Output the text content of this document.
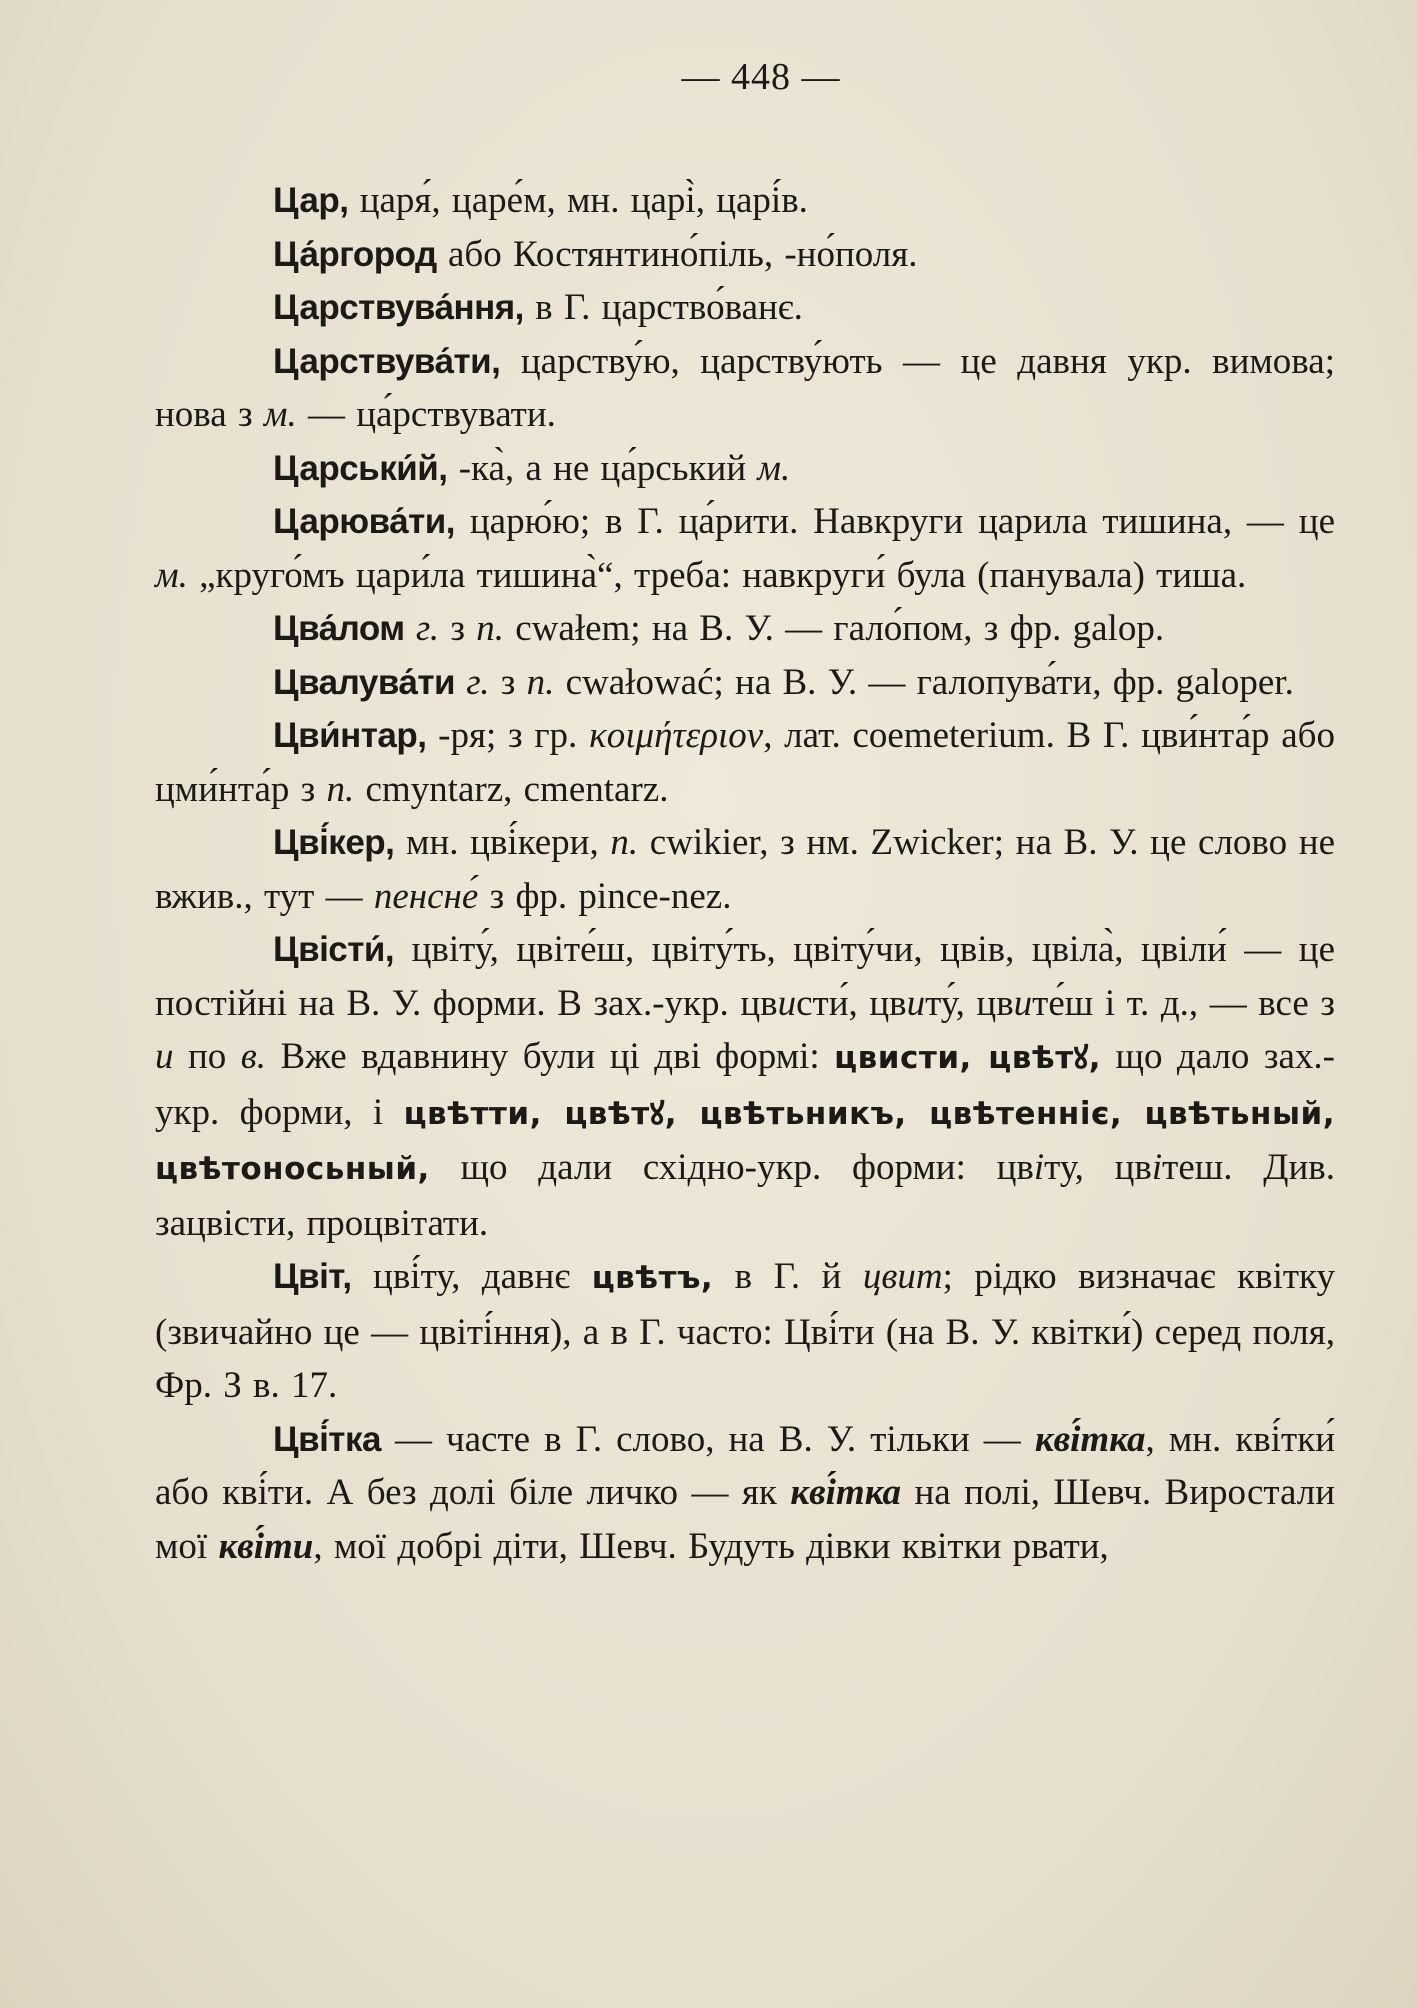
— 448 —

Цар, царя́, царе́м, мн. царі̀, царі́в.

Ца́ргород або Костянтино́піль, -но́поля.

Царствува́ння, в Г. царство́ванє.

Царствува́ти, царству́ю, царству́ють — це давня укр. вимова; нова з м. — ца́рствувати.

Царськи́й, -ка̀, а не ца́рський м.

Царюва́ти, царю́ю; в Г. ца́рити. Навкруги царила тишина, — це м. „круго́мъ цари́ла тишина̀“, треба: навкруги́ була (панувала) тиша.

Цва́лом г. з п. cwałem; на В. У. — гало́пом, з фр. galop.

Цвалува́ти г. з п. cwałować; на В. У. — галопува́ти, фр. galoper.

Цви́нтар, -ря; з гр. κοιμήτεριον, лат. coemeterium. В Г. цви́нта́р або цми́нта́р з п. cmyntarz, cmentarz.

Цві́кер, мн. цві́кери, п. cwikier, з нм. Zwicker; на В. У. це слово не вжив., тут — пенсне́ з фр. pince-nez.

Цвісти́, цвіту́, цвіте́ш, цвіту́ть, цвіту́чи, цвів, цвіла̀, цвіли́ — це постійні на В. У. форми. В зах.-укр. цвисти́, цвиту́, цвите́ш і т. д., — все з и по в. Вже вдавнину були ці дві формі: цвисти, цвѣтꙋ, що дало зах.-укр. форми, і цвѣтти, цвѣтꙋ, цвѣтьникъ, цвѣтенніє, цвѣтьный, цвѣтоносьный, що дали східно-укр. форми: цвіту, цвітеш. Див. зацвісти, процвітати.

Цвіт, цві́ту, давнє цвѣтъ, в Г. й цвит; рідко визначає квітку (звичайно це — цвіті́ння), а в Г. часто: Цві́ти (на В. У. квітки́) серед поля, Фр. З в. 17.

Цві́тка — часте в Г. слово, на В. У. тільки — кві́тка, мн. кві́тки́ або кві́ти. А без долі біле личко — як кві́тка на полі, Шевч. Виростали мої кві́ти, мої добрі діти, Шевч. Будуть дівки квітки рвати,
